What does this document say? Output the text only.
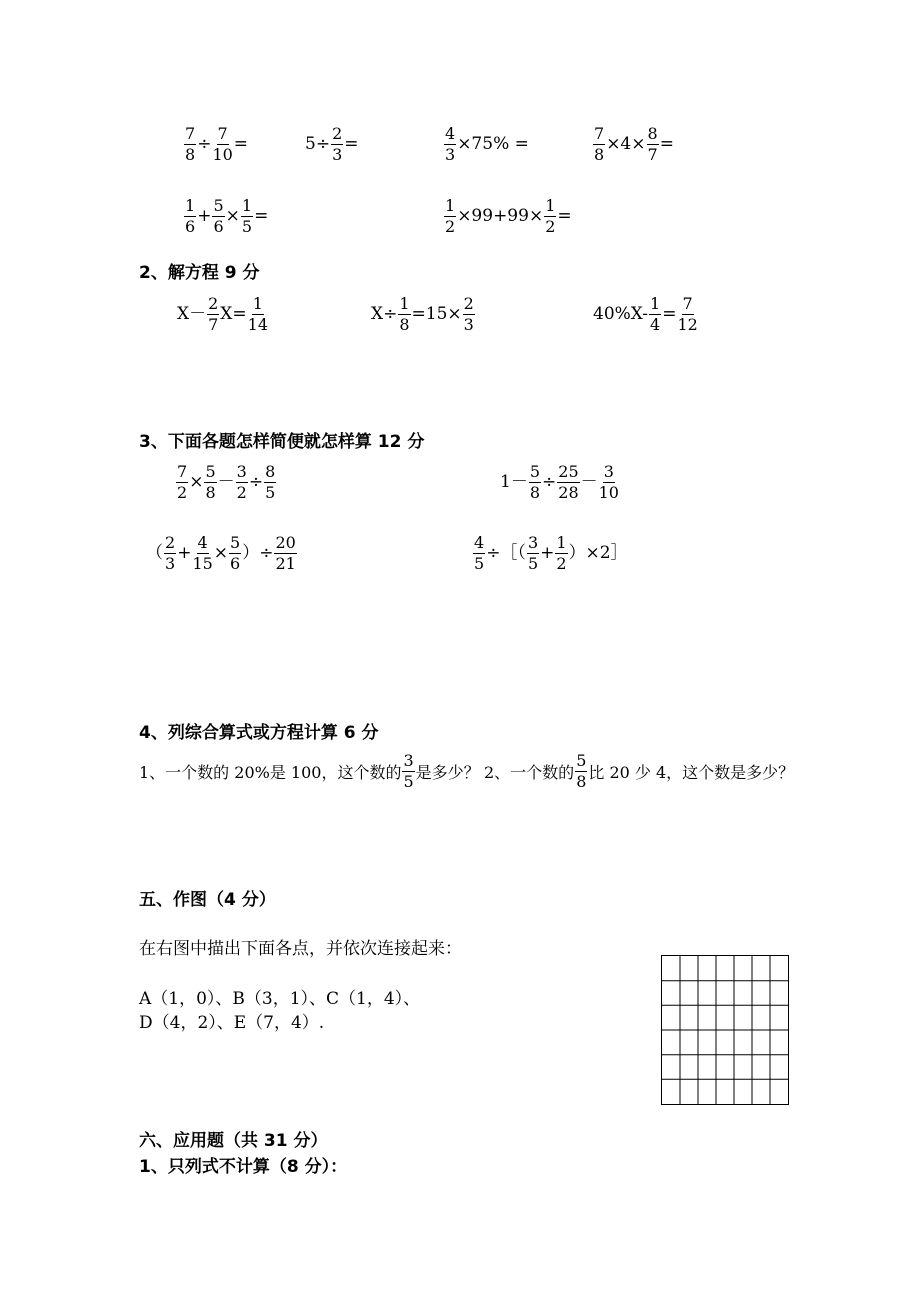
$\frac{7}{8} \div \frac{7}{10}$ =	$5\div \frac{2}{3}$ =	$\frac{4}{3} \times 75\%$ =	$\frac{7}{8} \times 4\times \frac{8}{7}$ =
$\frac{1}{6} + \frac{5}{6} \times \frac{1}{5}$ =	$\frac{1}{2} \times 99+99\times \frac{1}{2}$ =
2、解方程 9 分
$X- \frac{2}{7} X= \frac{1}{14}$	$X\div \frac{1}{8} =15\times \frac{2}{3}$	$40\%X- \frac{1}{4} = \frac{7}{12}$
3、下面各题怎样简便就怎样算 12 分
$\frac{7}{2} \times \frac{5}{8} - \frac{3}{2} \div \frac{8}{5}$	$1- \frac{5}{8} \div \frac{25}{28} - \frac{3}{10}$
（ $\frac{2}{3} + \frac{4}{15} \times \frac{5}{6}$ ）÷ $\frac{20}{21}$	$\frac{4}{5}$ ÷［（ $\frac{3}{5} + \frac{1}{2}$ ）×2］
4、列综合算式或方程计算 6 分
1、一个数的 20%是 100，这个数的 $\frac{3}{5}$ 是多少？ 2、一个数的 $\frac{5}{8}$ 比 20 少 4，这个数是多少？
五、作图（4 分）
在右图中描出下面各点，并依次连接起来：
A（1，0）、B（3，1）、C（1，4）、
D（4，2）、E（7，4）.
六、应用题（共 31 分）
1、只列式不计算（8 分）：
